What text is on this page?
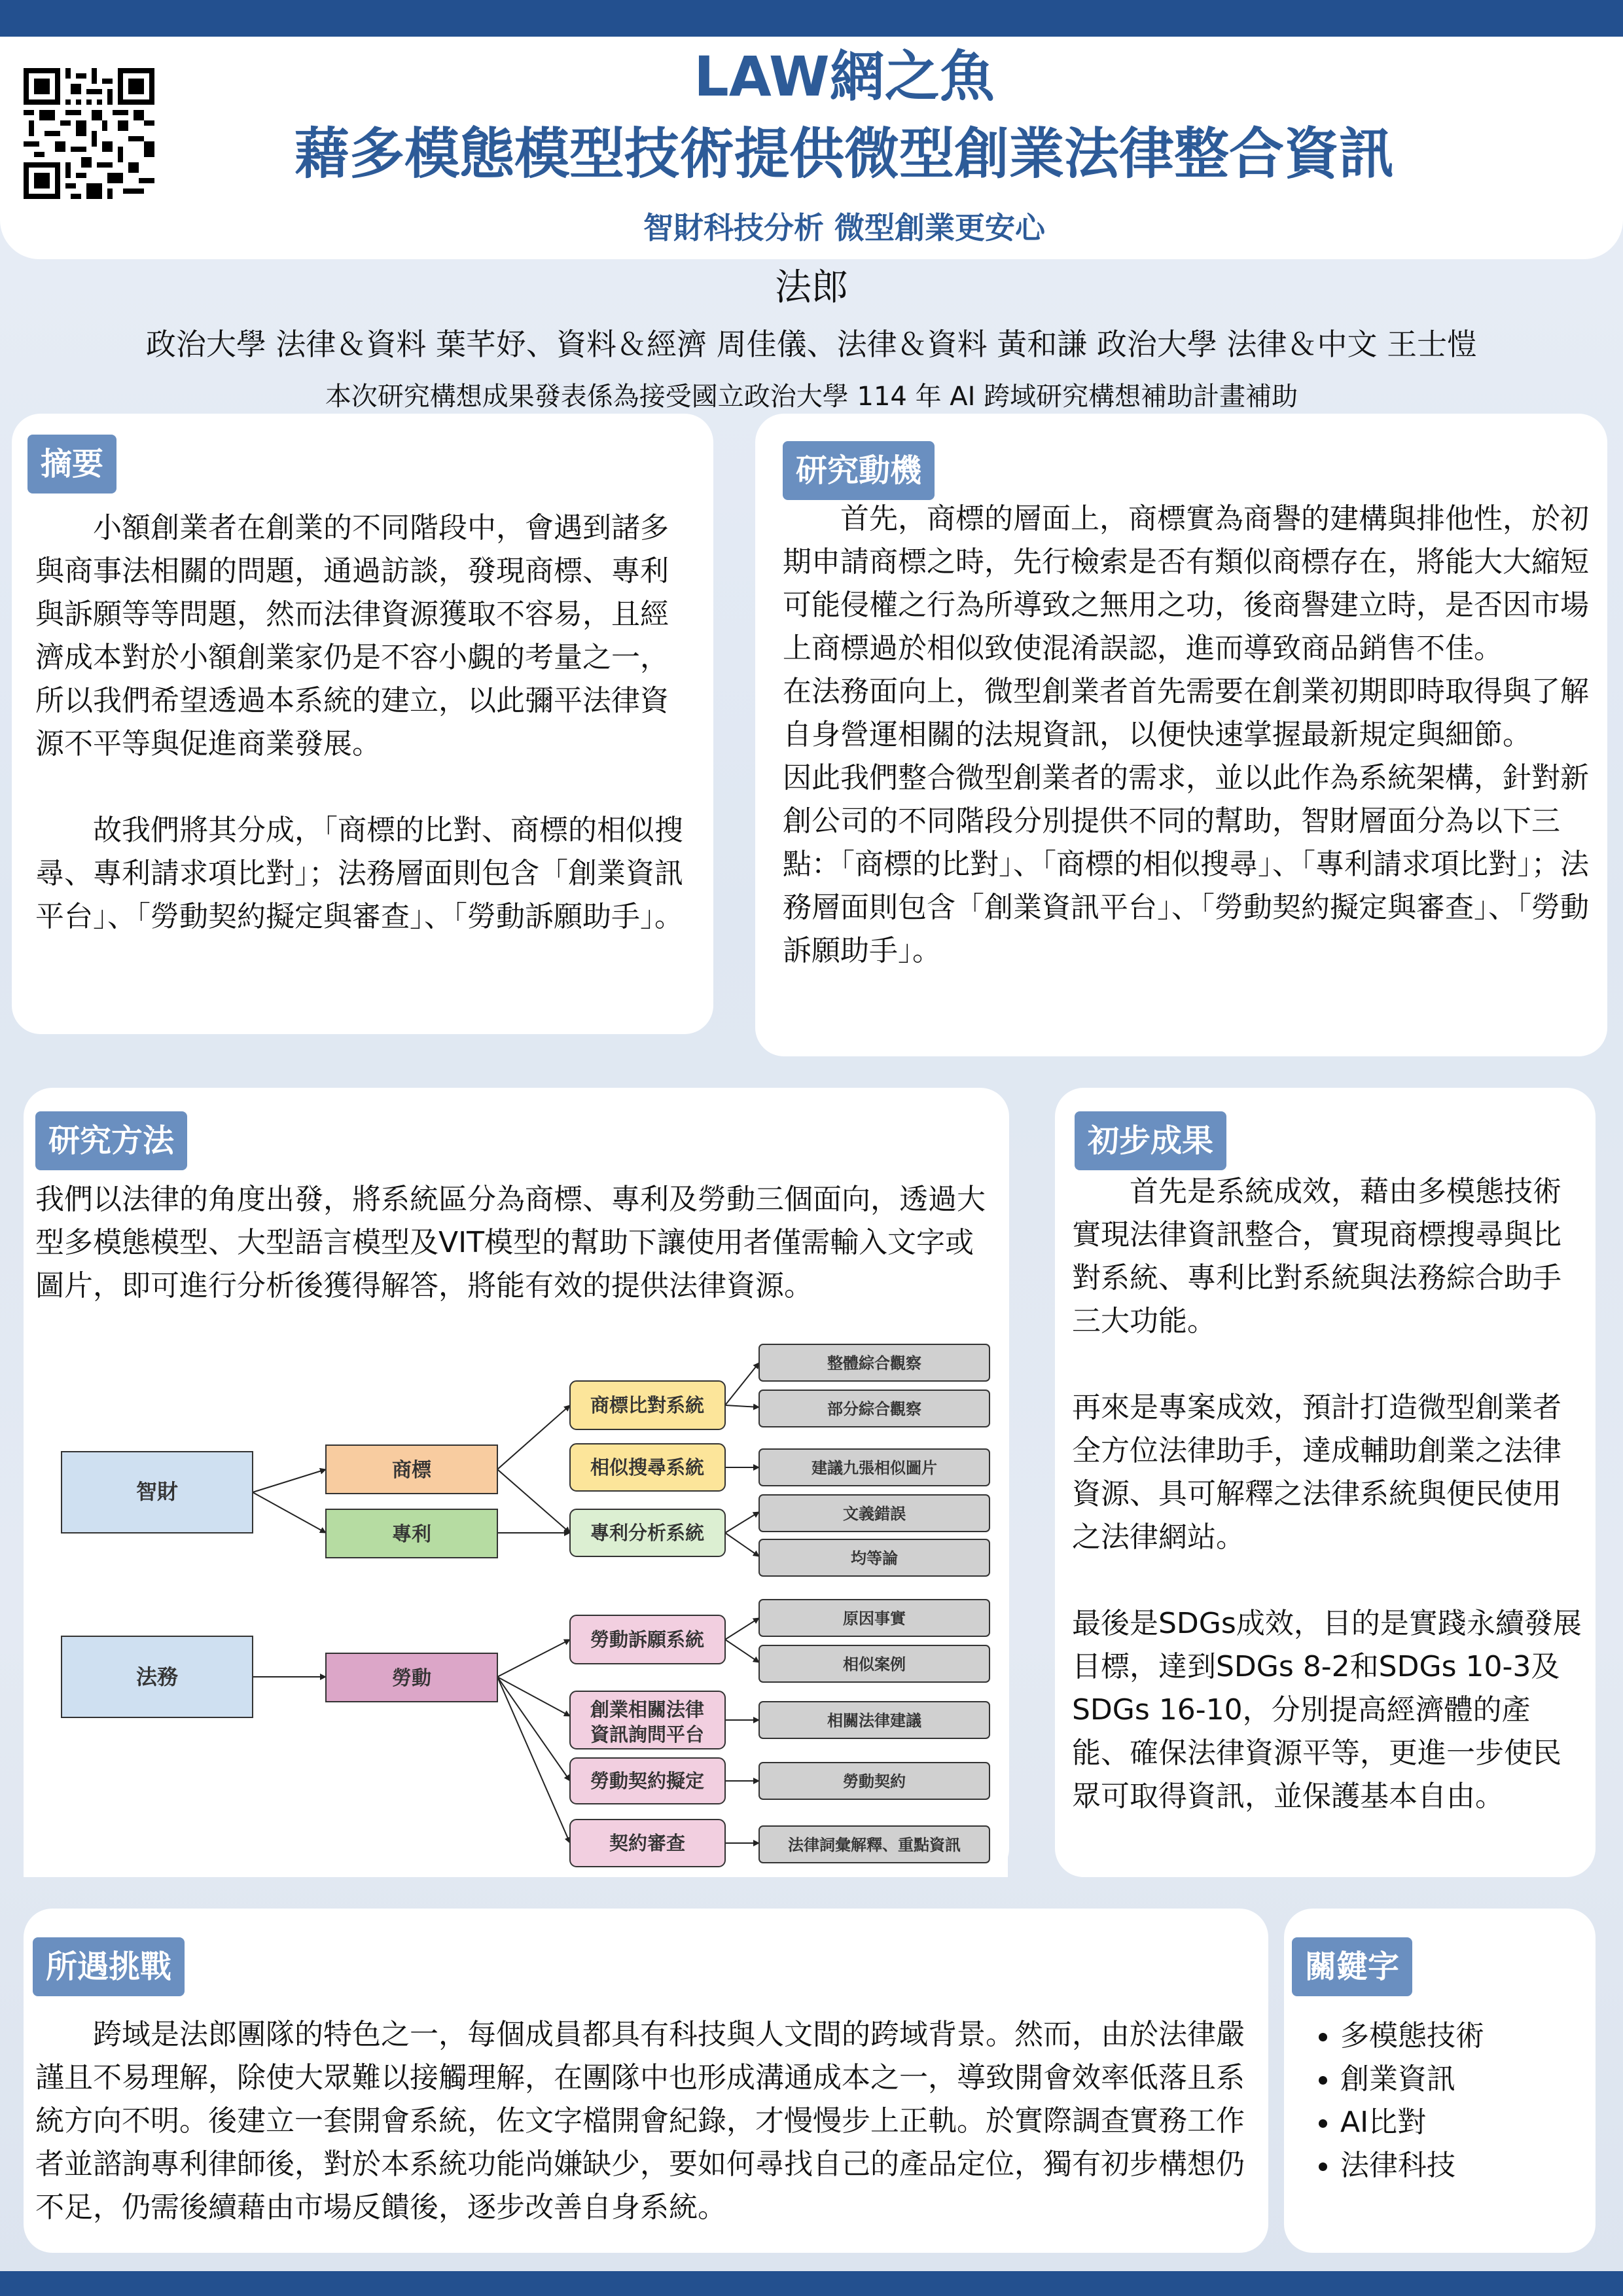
LAW網之魚
藉多模態模型技術提供微型創業法律整合資訊
智財科技分析 微型創業更安心
法郎
政治大學 法律＆資料 葉芊妤、資料＆經濟 周佳儀、法律＆資料 黃和謙 政治大學 法律＆中文 王士愷
本次研究構想成果發表係為接受國立政治大學 114 年 AI 跨域研究構想補助計畫補助
摘要

小額創業者在創業的不同階段中，會遇到諸多與商事法相關的問題，通過訪談，發現商標、專利與訴願等等問題，然而法律資源獲取不容易，且經濟成本對於小額創業家仍是不容小覷的考量之一，所以我們希望透過本系統的建立，以此彌平法律資源不平等與促進商業發展。

故我們將其分成，「商標的比對、商標的相似搜尋、專利請求項比對」；法務層面則包含「創業資訊平台」、「勞動契約擬定與審查」、「勞動訴願助手」。

研究動機

首先，商標的層面上，商標實為商譽的建構與排他性，於初期申請商標之時，先行檢索是否有類似商標存在，將能大大縮短可能侵權之行為所導致之無用之功，後商譽建立時，是否因市場上商標過於相似致使混淆誤認，進而導致商品銷售不佳。

在法務面向上，微型創業者首先需要在創業初期即時取得與了解自身營運相關的法規資訊，以便快速掌握最新規定與細節。

因此我們整合微型創業者的需求，並以此作為系統架構，針對新創公司的不同階段分別提供不同的幫助，智財層面分為以下三點：「商標的比對」、「商標的相似搜尋」、「專利請求項比對」；法務層面則包含「創業資訊平台」、「勞動契約擬定與審查」、「勞動訴願助手」。

研究方法

我們以法律的角度出發，將系統區分為商標、專利及勞動三個面向，透過大型多模態模型、大型語言模型及VIT模型的幫助下讓使用者僅需輸入文字或圖片，即可進行分析後獲得解答，將能有效的提供法律資源。

智財
法務
商標
專利
勞動
商標比對系統
相似搜尋系統
專利分析系統
勞動訴願系統
創業相關法律
資訊詢問平台
勞動契約擬定
契約審查
整體綜合觀察
部分綜合觀察
建議九張相似圖片
文義錯誤
均等論
原因事實
相似案例
相關法律建議
勞動契約
法律詞彙解釋、重點資訊
初步成果

首先是系統成效，藉由多模態技術實現法律資訊整合，實現商標搜尋與比對系統、專利比對系統與法務綜合助手三大功能。

再來是專案成效，預計打造微型創業者全方位法律助手，達成輔助創業之法律資源、具可解釋之法律系統與便民使用之法律網站。

最後是SDGs成效，目的是實踐永續發展目標，達到SDGs 8-2和SDGs 10-3及SDGs 16-10，分別提高經濟體的產能、確保法律資源平等，更進一步使民眾可取得資訊，並保護基本自由。

所遇挑戰

跨域是法郎團隊的特色之一，每個成員都具有科技與人文間的跨域背景。然而，由於法律嚴謹且不易理解，除使大眾難以接觸理解，在團隊中也形成溝通成本之一，導致開會效率低落且系統方向不明。後建立一套開會系統，佐文字檔開會紀錄，才慢慢步上正軌。於實際調查實務工作者並諮詢專利律師後，對於本系統功能尚嫌缺少，要如何尋找自己的產品定位，獨有初步構想仍不足，仍需後續藉由市場反饋後，逐步改善自身系統。

關鍵字
• 多模態技術
• 創業資訊
• AI比對
• 法律科技
